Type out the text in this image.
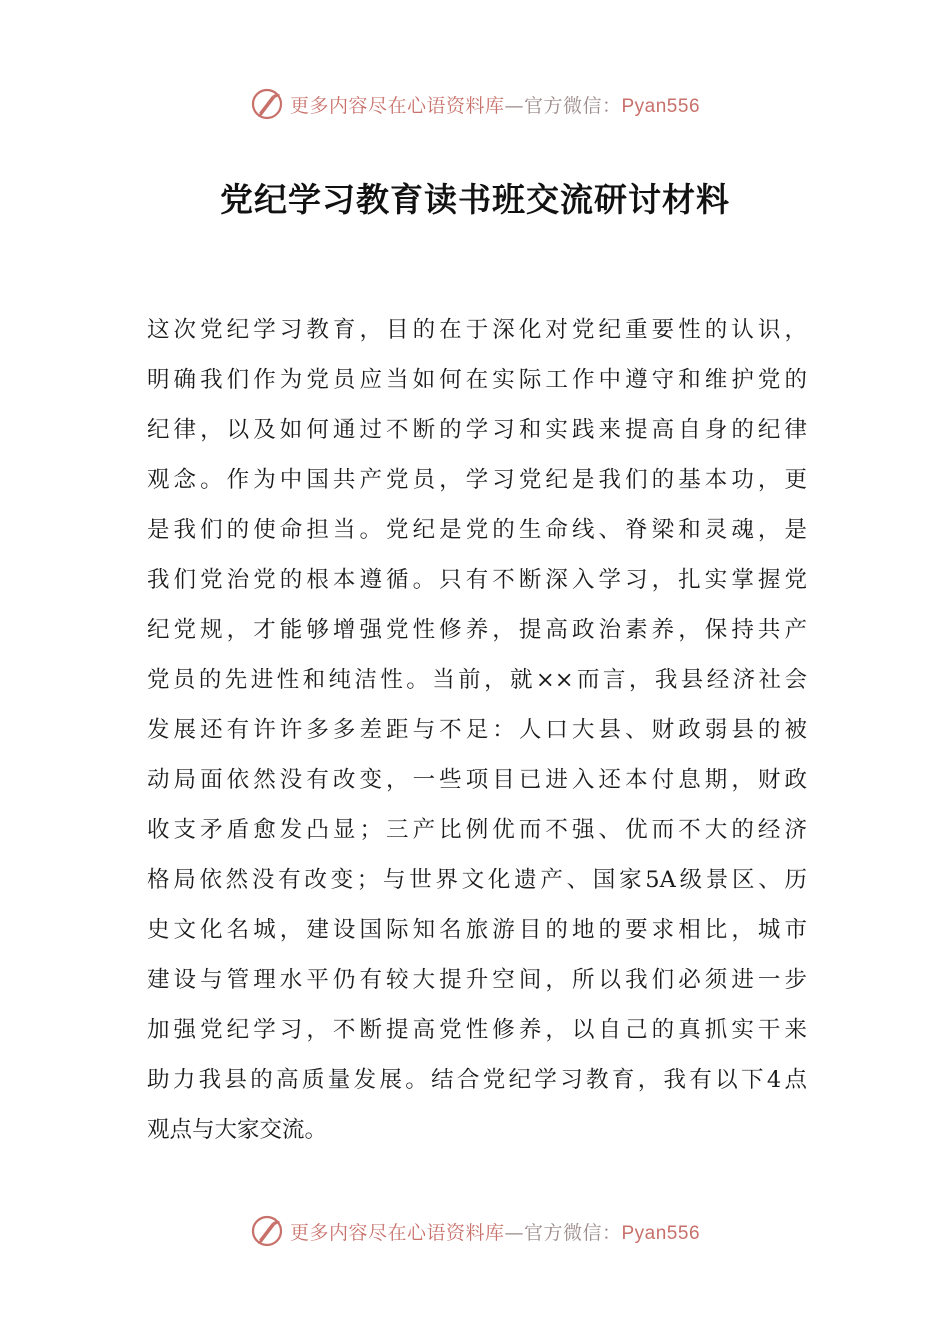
更多内容尽在心语资料库—官方微信：Pyan556
党纪学习教育读书班交流研讨材料
这次党纪学习教育，目的在于深化对党纪重要性的认识，
明确我们作为党员应当如何在实际工作中遵守和维护党的
纪律，以及如何通过不断的学习和实践来提高自身的纪律
观念。作为中国共产党员，学习党纪是我们的基本功，更
是我们的使命担当。党纪是党的生命线、脊梁和灵魂，是
我们党治党的根本遵循。只有不断深入学习，扎实掌握党
纪党规，才能够增强党性修养，提高政治素养，保持共产
党员的先进性和纯洁性。当前，就××而言，我县经济社会
发展还有许许多多差距与不足：人口大县、财政弱县的被
动局面依然没有改变，一些项目已进入还本付息期，财政
收支矛盾愈发凸显；三产比例优而不强、优而不大的经济
格局依然没有改变；与世界文化遗产、国家5A级景区、历
史文化名城，建设国际知名旅游目的地的要求相比，城市
建设与管理水平仍有较大提升空间，所以我们必须进一步
加强党纪学习，不断提高党性修养，以自己的真抓实干来
助力我县的高质量发展。结合党纪学习教育，我有以下4点
观点与大家交流。
更多内容尽在心语资料库—官方微信：Pyan556
